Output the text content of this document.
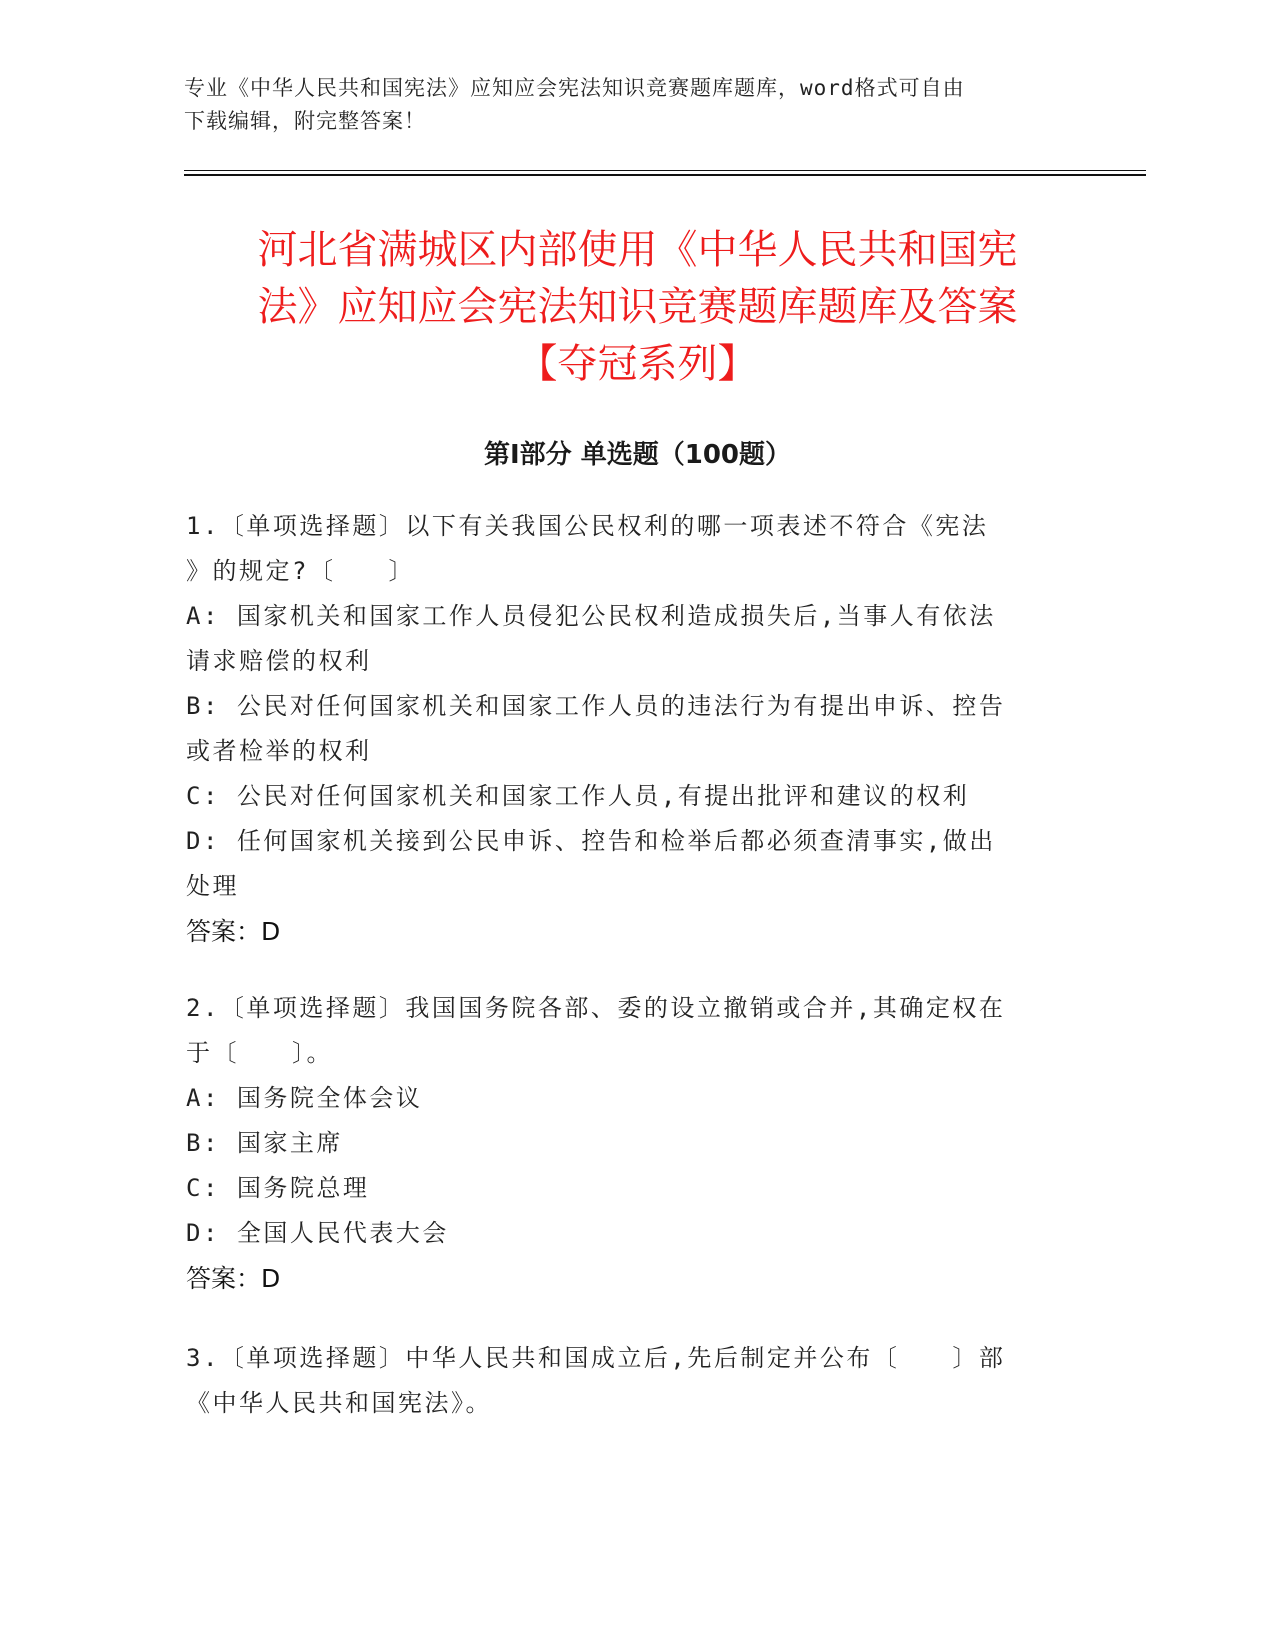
专业《中华人民共和国宪法》应知应会宪法知识竞赛题库题库，word格式可自由
下载编辑，附完整答案！
河北省满城区内部使用《中华人民共和国宪
法》应知应会宪法知识竞赛题库题库及答案
【夺冠系列】
第Ⅰ部分 单选题（100题）

1.〔单项选择题〕以下有关我国公民权利的哪一项表述不符合《宪法

》的规定?〔　　〕

A: 国家机关和国家工作人员侵犯公民权利造成损失后,当事人有依法

请求赔偿的权利

B: 公民对任何国家机关和国家工作人员的违法行为有提出申诉、控告

或者检举的权利

C: 公民对任何国家机关和国家工作人员,有提出批评和建议的权利

D: 任何国家机关接到公民申诉、控告和检举后都必须查清事实,做出

处理

答案：D

2.〔单项选择题〕我国国务院各部、委的设立撤销或合并,其确定权在

于〔　　〕。

A: 国务院全体会议

B: 国家主席

C: 国务院总理

D: 全国人民代表大会

答案：D

3.〔单项选择题〕中华人民共和国成立后,先后制定并公布〔　　〕部

《中华人民共和国宪法》。
